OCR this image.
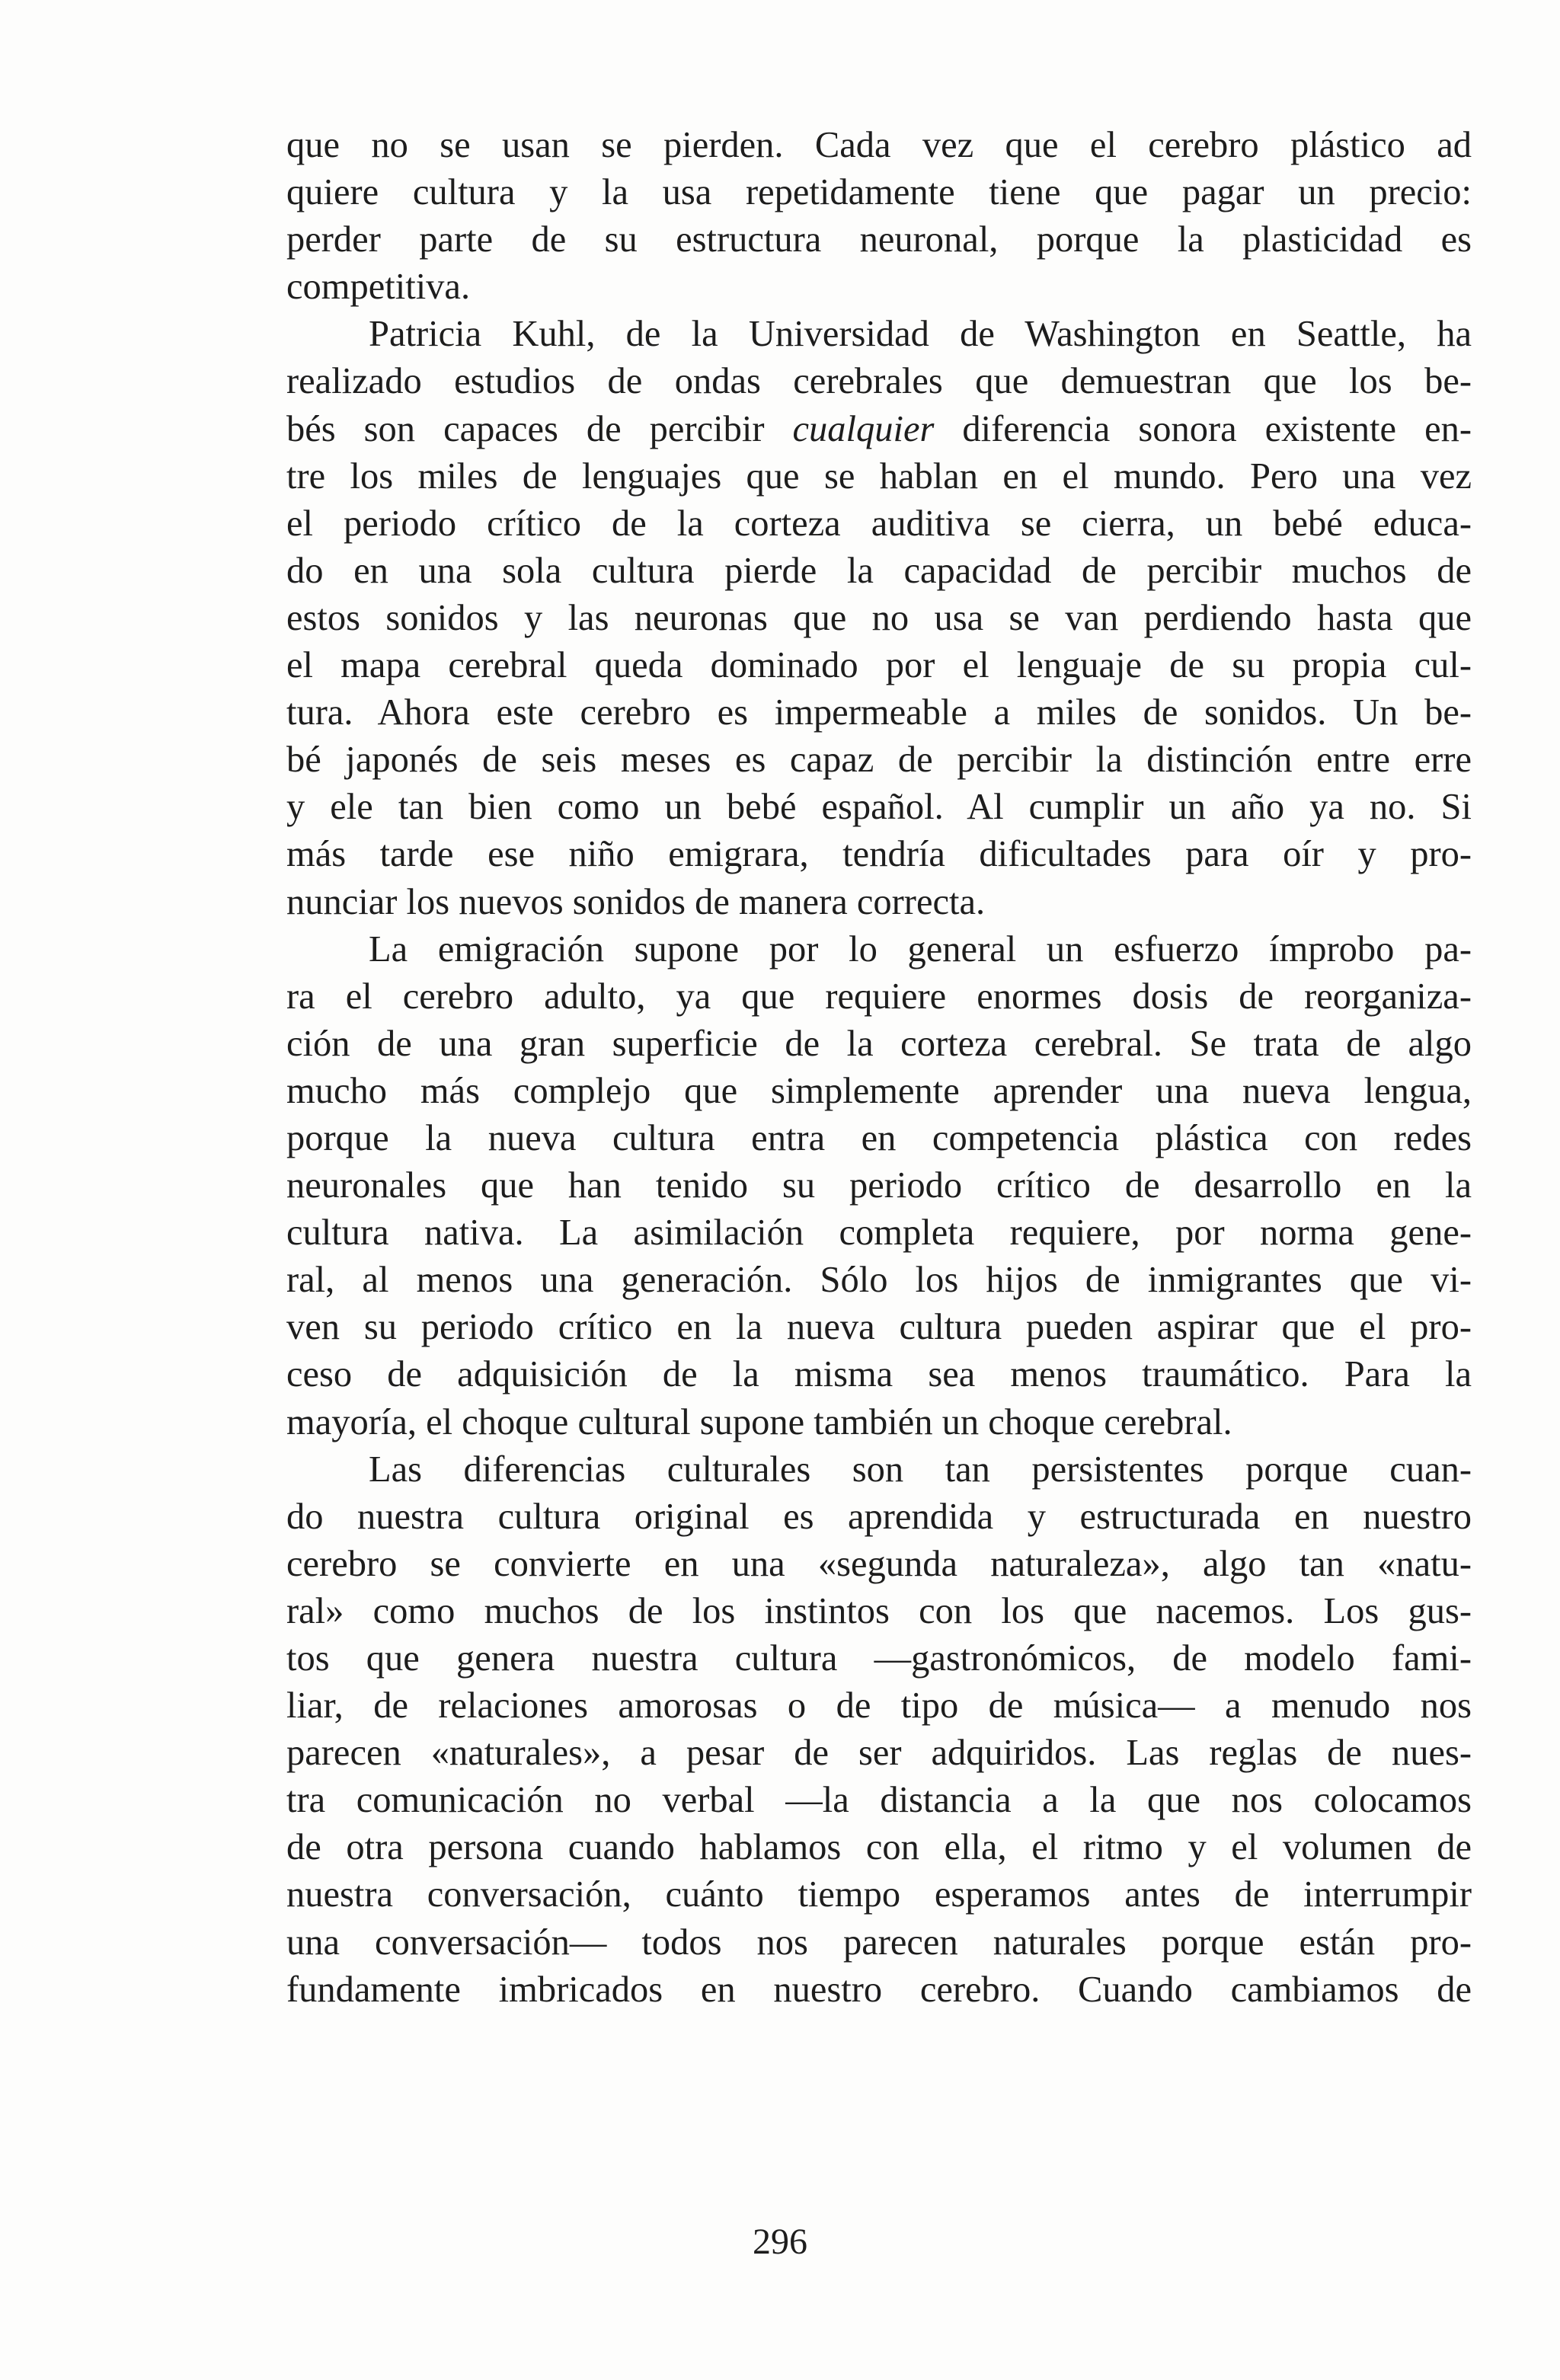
que no se usan se pierden. Cada vez que el cerebro plástico ad
quiere cultura y la usa repetidamente tiene que pagar un precio:
perder parte de su estructura neuronal, porque la plasticidad es
competitiva.
Patricia Kuhl, de la Universidad de Washington en Seattle, ha
realizado estudios de ondas cerebrales que demuestran que los be-
bés son capaces de percibir cualquier diferencia sonora existente en-
tre los miles de lenguajes que se hablan en el mundo. Pero una vez
el periodo crítico de la corteza auditiva se cierra, un bebé educa-
do en una sola cultura pierde la capacidad de percibir muchos de
estos sonidos y las neuronas que no usa se van perdiendo hasta que
el mapa cerebral queda dominado por el lenguaje de su propia cul-
tura. Ahora este cerebro es impermeable a miles de sonidos. Un be-
bé japonés de seis meses es capaz de percibir la distinción entre erre
y ele tan bien como un bebé español. Al cumplir un año ya no. Si
más tarde ese niño emigrara, tendría dificultades para oír y pro-
nunciar los nuevos sonidos de manera correcta.
La emigración supone por lo general un esfuerzo ímprobo pa-
ra el cerebro adulto, ya que requiere enormes dosis de reorganiza-
ción de una gran superficie de la corteza cerebral. Se trata de algo
mucho más complejo que simplemente aprender una nueva lengua,
porque la nueva cultura entra en competencia plástica con redes
neuronales que han tenido su periodo crítico de desarrollo en la
cultura nativa. La asimilación completa requiere, por norma gene-
ral, al menos una generación. Sólo los hijos de inmigrantes que vi-
ven su periodo crítico en la nueva cultura pueden aspirar que el pro-
ceso de adquisición de la misma sea menos traumático. Para la
mayoría, el choque cultural supone también un choque cerebral.
Las diferencias culturales son tan persistentes porque cuan-
do nuestra cultura original es aprendida y estructurada en nuestro
cerebro se convierte en una «segunda naturaleza», algo tan «natu-
ral» como muchos de los instintos con los que nacemos. Los gus-
tos que genera nuestra cultura —gastronómicos, de modelo fami-
liar, de relaciones amorosas o de tipo de música— a menudo nos
parecen «naturales», a pesar de ser adquiridos. Las reglas de nues-
tra comunicación no verbal —la distancia a la que nos colocamos
de otra persona cuando hablamos con ella, el ritmo y el volumen de
nuestra conversación, cuánto tiempo esperamos antes de interrumpir
una conversación— todos nos parecen naturales porque están pro-
fundamente imbricados en nuestro cerebro. Cuando cambiamos de
296
